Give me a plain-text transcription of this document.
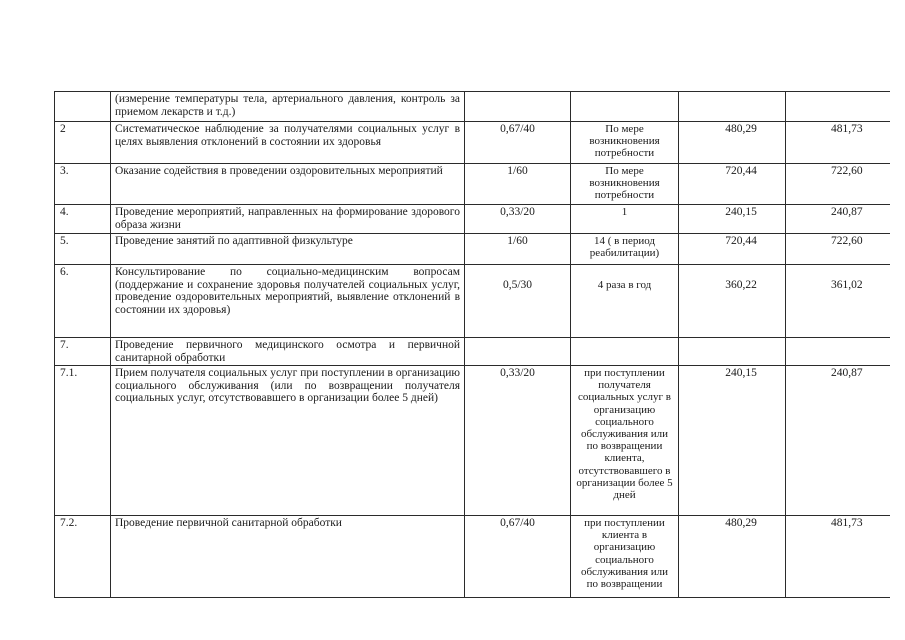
	(измерение температуры тела, артериального давления, контроль за приемом лекарств и т.д.)				
2	Систематическое наблюдение за получателями социальных услуг в целях выявления отклонений в состоянии их здоровья	0,67/40	По мере возникновения потребности	480,29	481,73
3.	Оказание содействия в проведении оздоровительных мероприятий	1/60	По мере возникновения потребности	720,44	722,60
4.	Проведение мероприятий, направленных на формирование здорового образа жизни	0,33/20	1	240,15	240,87
5.	Проведение занятий по адаптивной физкультуре	1/60	14 ( в период реабилитации)	720,44	722,60
6.	Консультирование по социально-медицинским вопросам (поддержание и сохранение здоровья получателей социальных услуг, проведение оздоровительных мероприятий, выявление отклонений в состоянии их здоровья)	0,5/30	4 раза в год	360,22	361,02
7.	Проведение первичного медицинского осмотра и первичной санитарной обработки				
7.1.	Прием получателя социальных услуг при поступлении в организацию социального обслуживания (или по возвращении получателя социальных услуг, отсутствовавшего в организации более 5 дней)	0,33/20	при поступлении получателя социальных услуг в организацию социального обслуживания или по возвращении клиента, отсутствовавшего в организации более 5 дней	240,15	240,87
7.2.	Проведение первичной санитарной обработки	0,67/40	при поступлении клиента в организацию социального обслуживания или по возвращении	480,29	481,73
